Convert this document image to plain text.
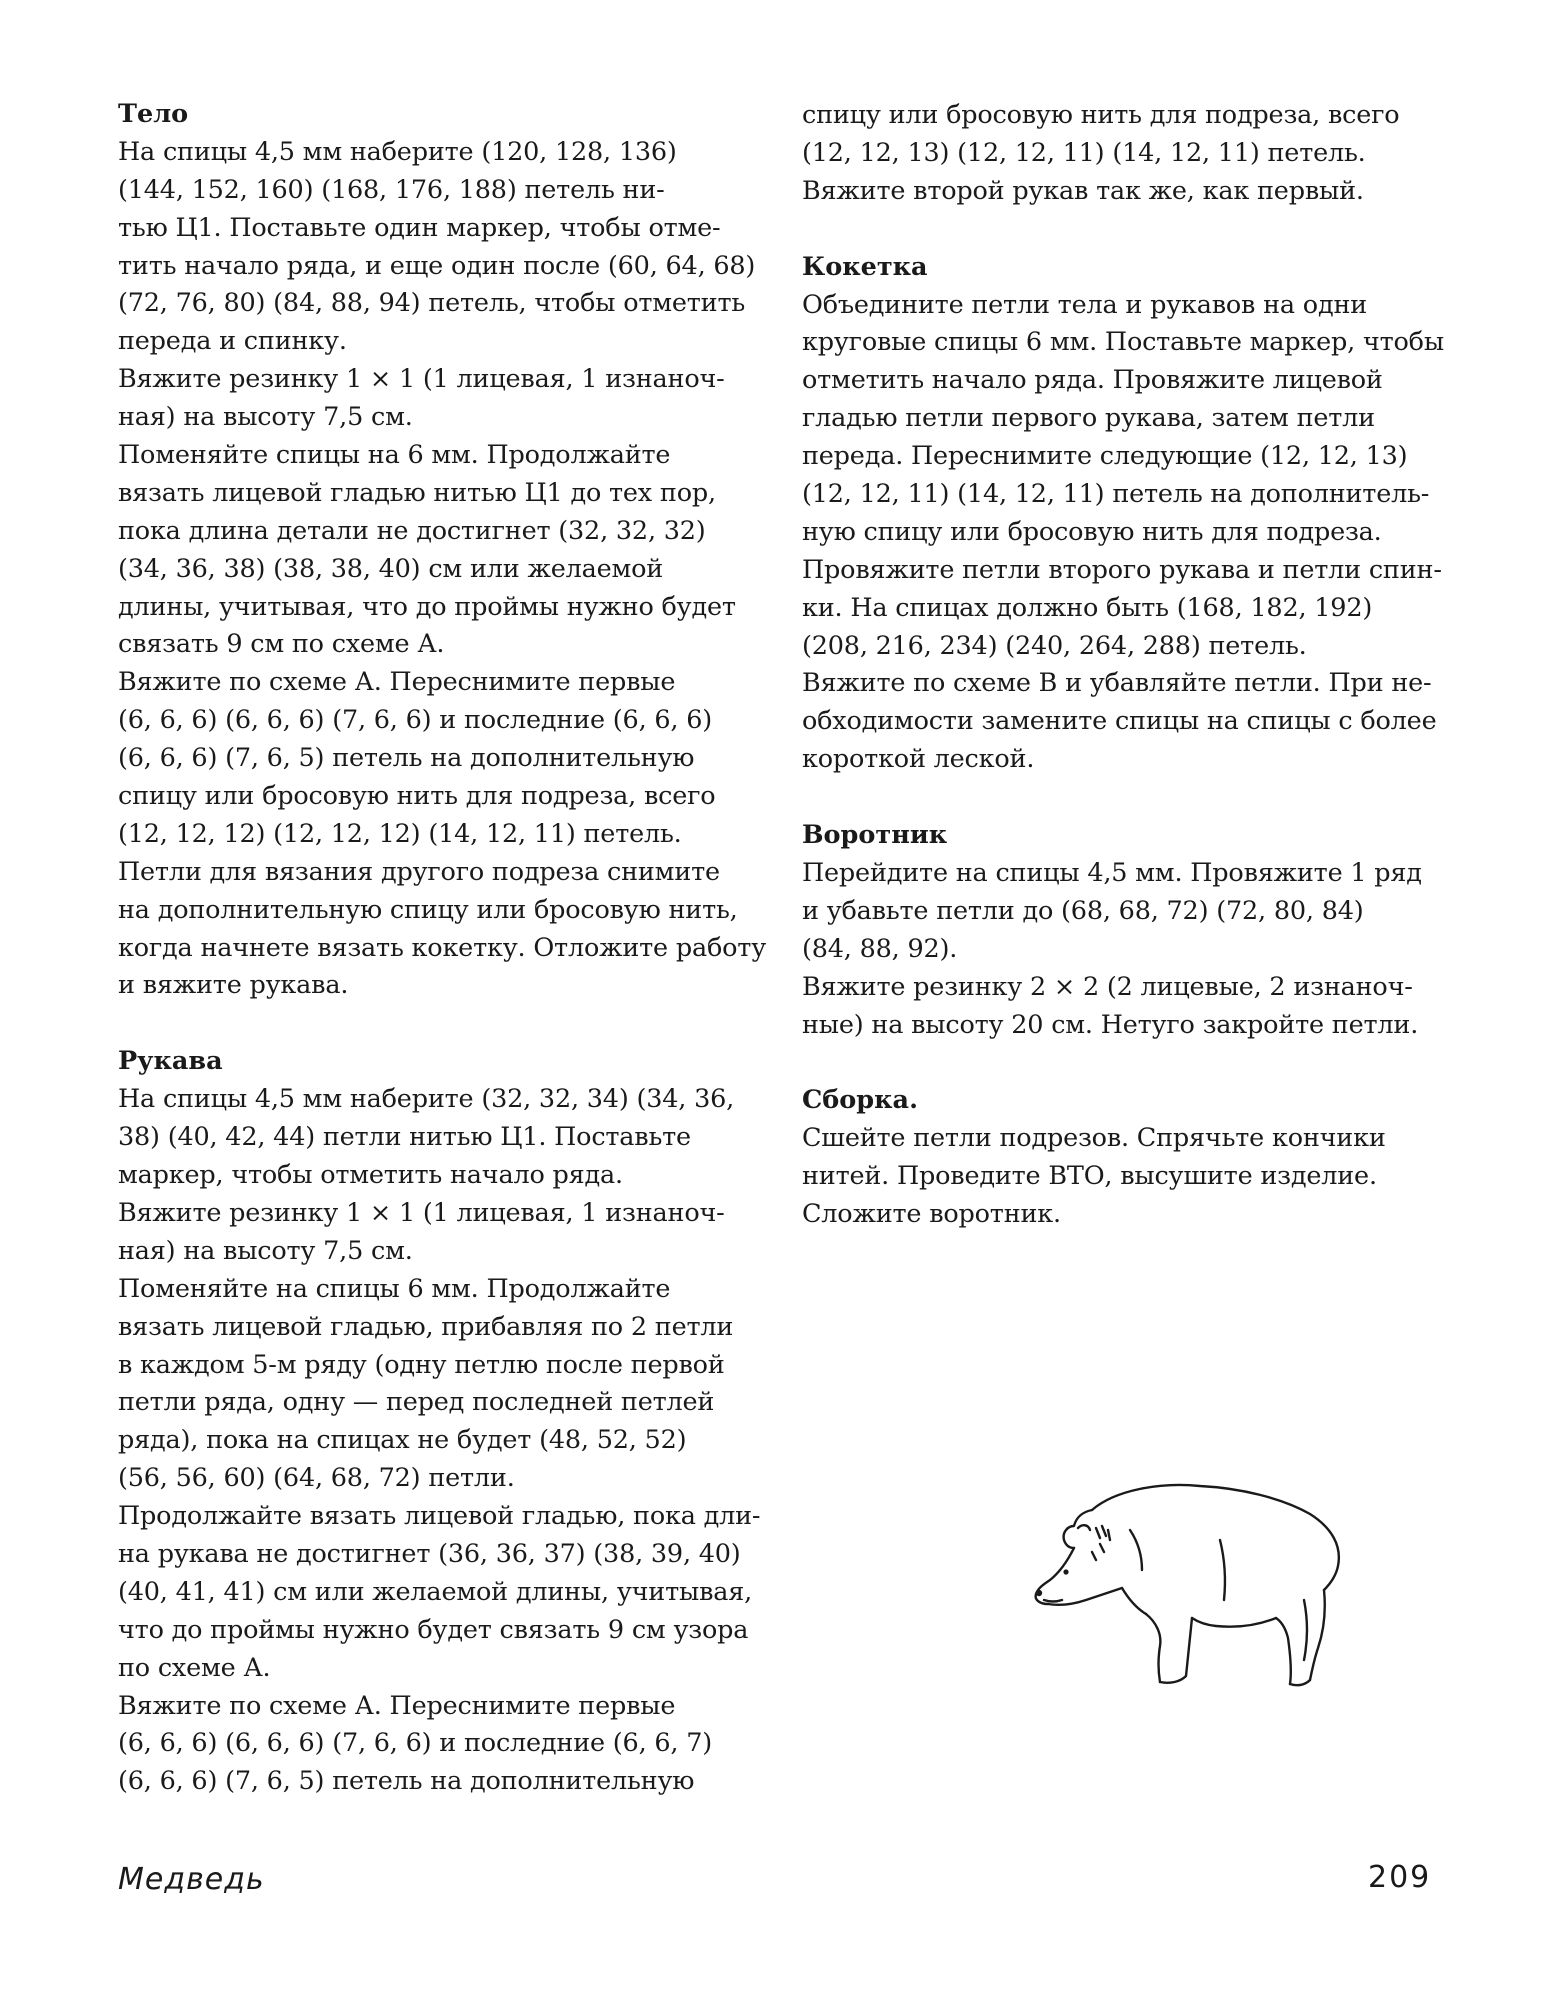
Тело
На спицы 4,5 мм наберите (120, 128, 136)
(144, 152, 160) (168, 176, 188) петель ни-
тью Ц1. Поставьте один маркер, чтобы отме-
тить начало ряда, и еще один после (60, 64, 68)
(72, 76, 80) (84, 88, 94) петель, чтобы отметить
переда и спинку.
Вяжите резинку 1 × 1 (1 лицевая, 1 изнаноч-
ная) на высоту 7,5 см.
Поменяйте спицы на 6 мм. Продолжайте
вязать лицевой гладью нитью Ц1 до тех пор,
пока длина детали не достигнет (32, 32, 32)
(34, 36, 38) (38, 38, 40) см или желаемой
длины, учитывая, что до проймы нужно будет
связать 9 см по схеме А.
Вяжите по схеме А. Переснимите первые
(6, 6, 6) (6, 6, 6) (7, 6, 6) и последние (6, 6, 6)
(6, 6, 6) (7, 6, 5) петель на дополнительную
спицу или бросовую нить для подреза, всего
(12, 12, 12) (12, 12, 12) (14, 12, 11) петель.
Петли для вязания другого подреза снимите
на дополнительную спицу или бросовую нить,
когда начнете вязать кокетку. Отложите работу
и вяжите рукава.
Рукава
На спицы 4,5 мм наберите (32, 32, 34) (34, 36,
38) (40, 42, 44) петли нитью Ц1. Поставьте
маркер, чтобы отметить начало ряда.
Вяжите резинку 1 × 1 (1 лицевая, 1 изнаноч-
ная) на высоту 7,5 см.
Поменяйте на спицы 6 мм. Продолжайте
вязать лицевой гладью, прибавляя по 2 петли
в каждом 5-м ряду (одну петлю после первой
петли ряда, одну — перед последней петлей
ряда), пока на спицах не будет (48, 52, 52)
(56, 56, 60) (64, 68, 72) петли.
Продолжайте вязать лицевой гладью, пока дли-
на рукава не достигнет (36, 36, 37) (38, 39, 40)
(40, 41, 41) см или желаемой длины, учитывая,
что до проймы нужно будет связать 9 см узора
по схеме А.
Вяжите по схеме А. Переснимите первые
(6, 6, 6) (6, 6, 6) (7, 6, 6) и последние (6, 6, 7)
(6, 6, 6) (7, 6, 5) петель на дополнительную
спицу или бросовую нить для подреза, всего
(12, 12, 13) (12, 12, 11) (14, 12, 11) петель.
Вяжите второй рукав так же, как первый.
Кокетка
Объедините петли тела и рукавов на одни
круговые спицы 6 мм. Поставьте маркер, чтобы
отметить начало ряда. Провяжите лицевой
гладью петли первого рукава, затем петли
переда. Переснимите следующие (12, 12, 13)
(12, 12, 11) (14, 12, 11) петель на дополнитель-
ную спицу или бросовую нить для подреза.
Провяжите петли второго рукава и петли спин-
ки. На спицах должно быть (168, 182, 192)
(208, 216, 234) (240, 264, 288) петель.
Вяжите по схеме В и убавляйте петли. При не-
обходимости замените спицы на спицы с более
короткой леской.
Воротник
Перейдите на спицы 4,5 мм. Провяжите 1 ряд
и убавьте петли до (68, 68, 72) (72, 80, 84)
(84, 88, 92).
Вяжите резинку 2 × 2 (2 лицевые, 2 изнаноч-
ные) на высоту 20 см. Нетуго закройте петли.
Сборка.
Сшейте петли подрезов. Спрячьте кончики
нитей. Проведите ВТО, высушите изделие.
Сложите воротник.
Медведь	209
